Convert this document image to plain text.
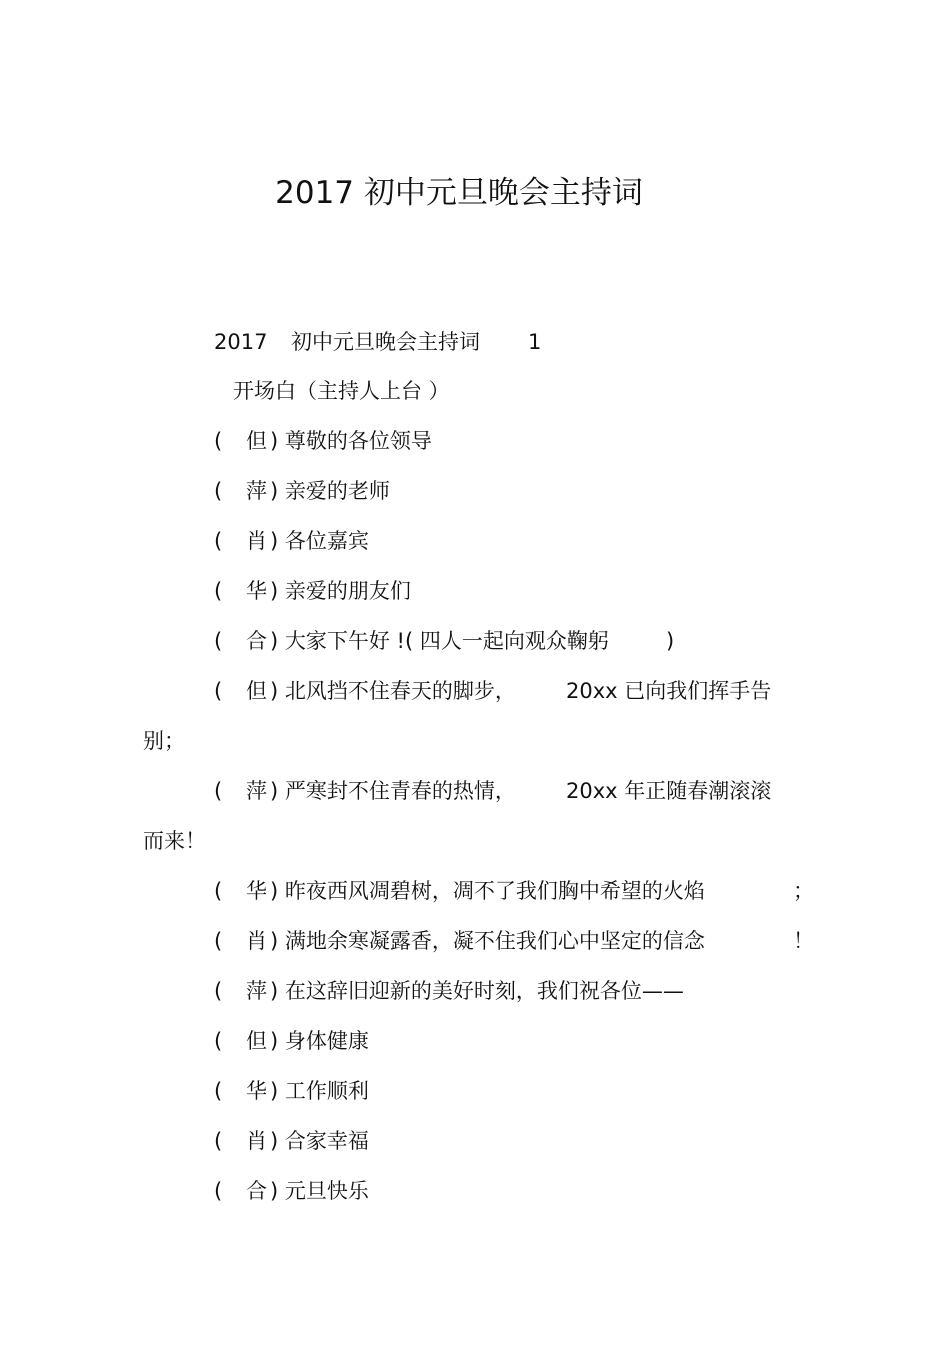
2017 初中元旦晚会主持词
2017 初中元旦晚会主持词 1
开场白（主持人上台 ）
( 但 ) 尊敬的各位领导
( 萍 ) 亲爱的老师
( 肖 ) 各位嘉宾
( 华 ) 亲爱的朋友们
( 合 ) 大家下午好 !( 四人一起向观众鞠躬	)
( 但 ) 北风挡不住春天的脚步， 20xx 已向我们挥手告
别；
( 萍 ) 严寒封不住青春的热情， 20xx 年正随春潮滚滚
而来！
( 华 ) 昨夜西风凋碧树，凋不了我们胸中希望的火焰	；
( 肖 ) 满地余寒凝露香，凝不住我们心中坚定的信念	！
( 萍 ) 在这辞旧迎新的美好时刻，我们祝各位——
( 但 ) 身体健康
( 华 ) 工作顺利
( 肖 ) 合家幸福
( 合 ) 元旦快乐
